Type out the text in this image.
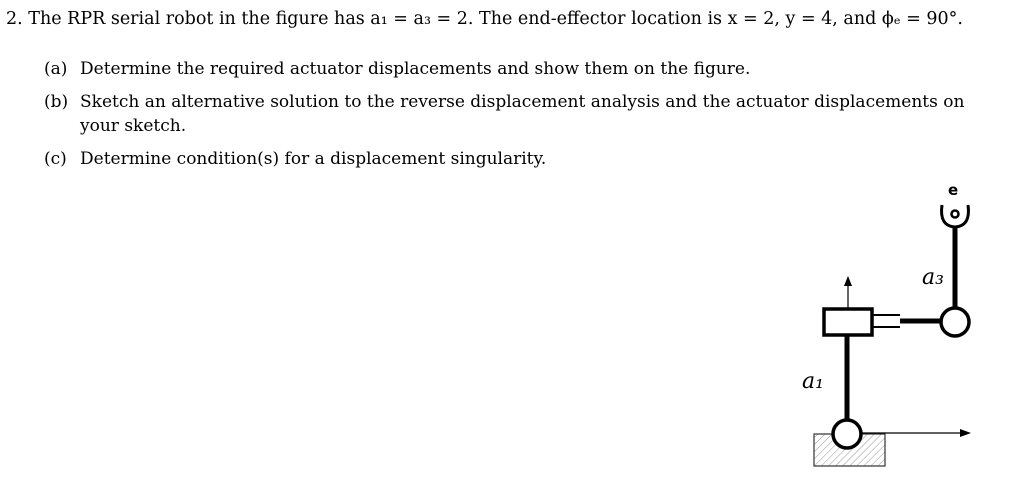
2. The RPR serial robot in the figure has a₁ = a₃ = 2. The end-effector location is x = 2, y = 4, and ϕₑ = 90°.
(a) Determine the required actuator displacements and show them on the figure.
(b) Sketch an alternative solution to the reverse displacement analysis and the actuator displacements on
your sketch.
(c) Determine condition(s) for a displacement singularity.
e
a₃
a₁
